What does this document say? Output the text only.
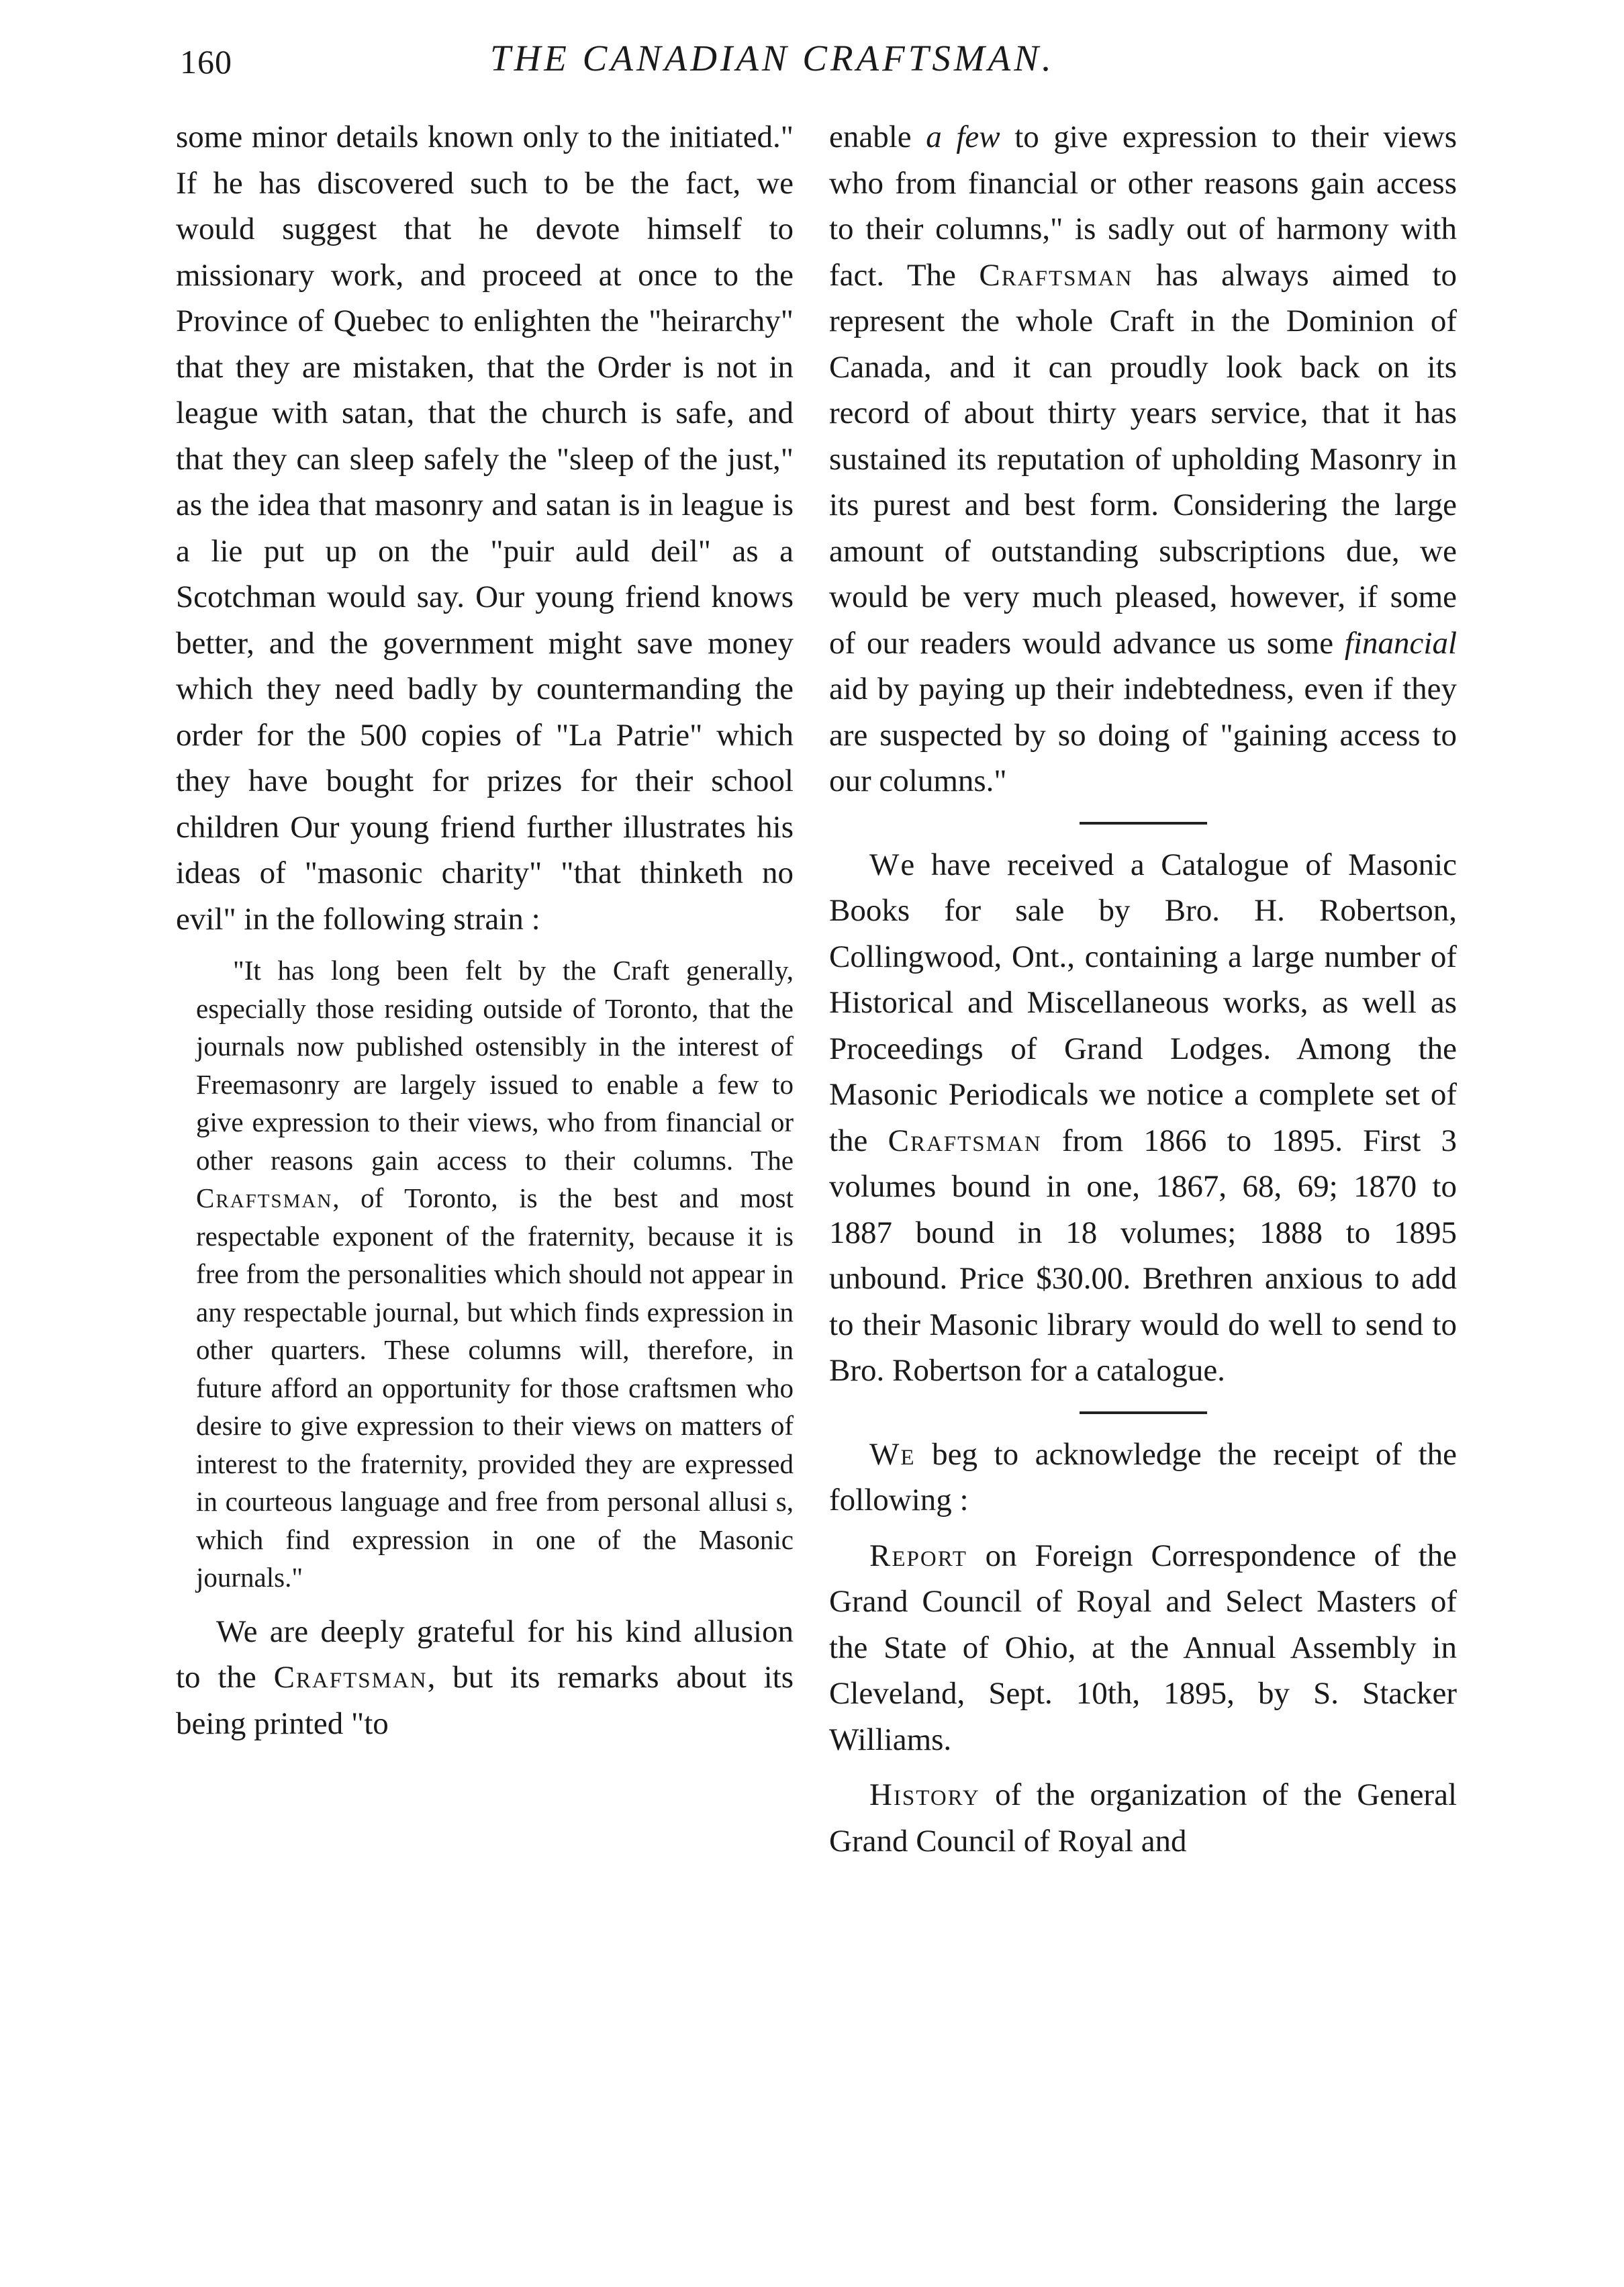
160	THE CANADIAN CRAFTSMAN.

some minor details known only to the initiated." If he has discovered such to be the fact, we would suggest that he devote himself to missionary work, and proceed at once to the Province of Quebec to enlighten the "heirarchy" that they are mistaken, that the Order is not in league with satan, that the church is safe, and that they can sleep safely the "sleep of the just," as the idea that masonry and satan is in league is a lie put up on the "puir auld deil" as a Scotchman would say. Our young friend knows better, and the government might save money which they need badly by countermanding the order for the 500 copies of "La Patrie" which they have bought for prizes for their school children Our young friend further illustrates his ideas of "masonic charity" "that thinketh no evil" in the following strain :

"It has long been felt by the Craft generally, especially those residing outside of Toronto, that the journals now published ostensibly in the interest of Freemasonry are largely issued to enable a few to give expression to their views, who from financial or other reasons gain access to their columns. The Craftsman, of Toronto, is the best and most respectable exponent of the fraternity, because it is free from the personalities which should not appear in any respectable journal, but which finds expression in other quarters. These columns will, therefore, in future afford an opportunity for those craftsmen who desire to give expression to their views on matters of interest to the fraternity, provided they are expressed in courteous language and free from personal allusi s, which find expression in one of the Masonic journals."

We are deeply grateful for his kind allusion to the Craftsman, but its remarks about its being printed "to

enable a few to give expression to their views who from financial or other reasons gain access to their columns," is sadly out of harmony with fact. The Craftsman has always aimed to represent the whole Craft in the Dominion of Canada, and it can proudly look back on its record of about thirty years service, that it has sustained its reputation of upholding Masonry in its purest and best form. Considering the large amount of outstanding subscriptions due, we would be very much pleased, however, if some of our readers would advance us some financial aid by paying up their indebtedness, even if they are suspected by so doing of "gaining access to our columns."

We have received a Catalogue of Masonic Books for sale by Bro. H. Robertson, Collingwood, Ont., containing a large number of Historical and Miscellaneous works, as well as Proceedings of Grand Lodges. Among the Masonic Periodicals we notice a complete set of the Craftsman from 1866 to 1895. First 3 volumes bound in one, 1867, 68, 69; 1870 to 1887 bound in 18 volumes; 1888 to 1895 unbound. Price $30.00. Brethren anxious to add to their Masonic library would do well to send to Bro. Robertson for a catalogue.

We beg to acknowledge the receipt of the following :

Report on Foreign Correspondence of the Grand Council of Royal and Select Masters of the State of Ohio, at the Annual Assembly in Cleveland, Sept. 10th, 1895, by S. Stacker Williams.

History of the organization of the General Grand Council of Royal and
